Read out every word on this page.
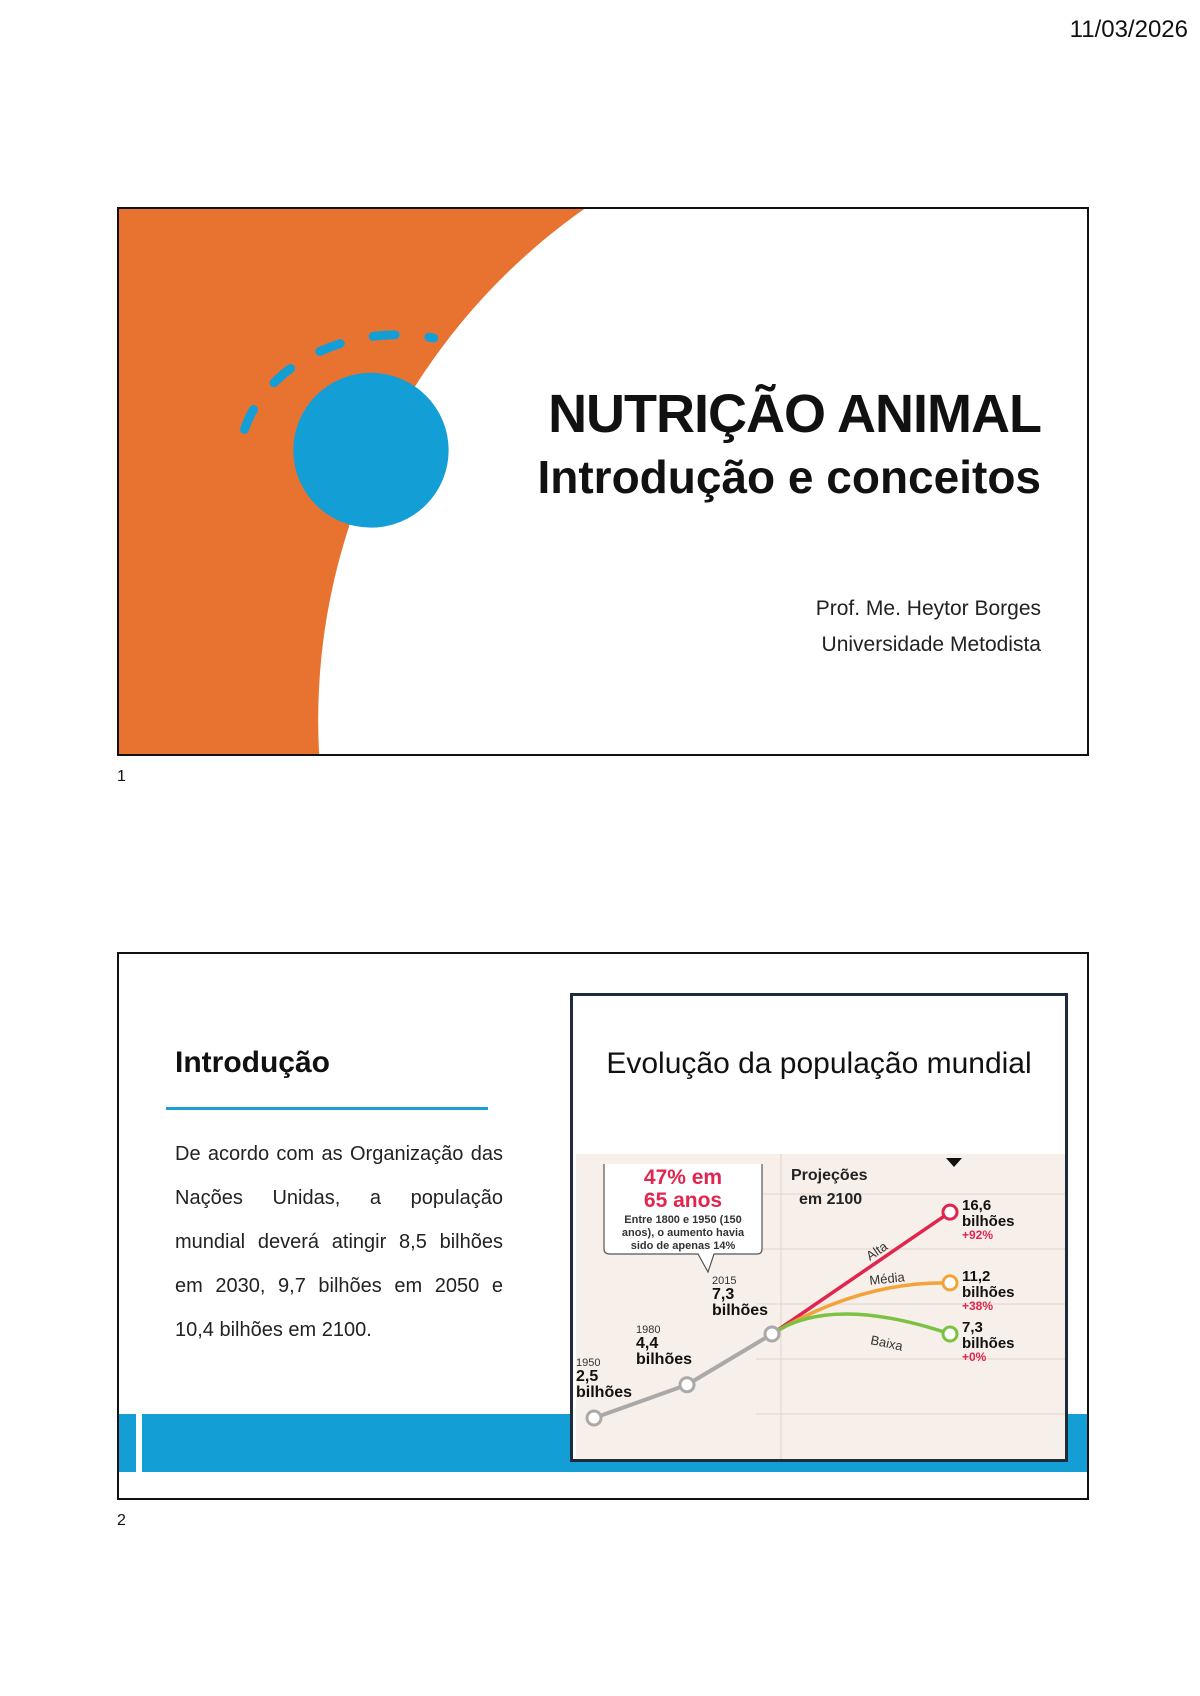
11/03/2026
NUTRIÇÃO ANIMAL
Introdução e conceitos
Prof. Me. Heytor Borges
Universidade Metodista
1
Introdução
De acordo com as Organização das Nações Unidas, a população mundial deverá atingir 8,5 bilhões em 2030, 9,7 bilhões em 2050 e 10,4 bilhões em 2100.
Evolução da população mundial
47% em
65 anos
Entre 1800 e 1950 (150
anos), o aumento havia
sido de apenas 14%
Projeções
em 2100
Alta
16,6
bilhões
+92%
Média	11,2
bilhões
+38%
Baixa
7,3
bilhões
+0%
1950
2,5
bilhões
1980
4,4
bilhões
2015
7,3
bilhões
2
